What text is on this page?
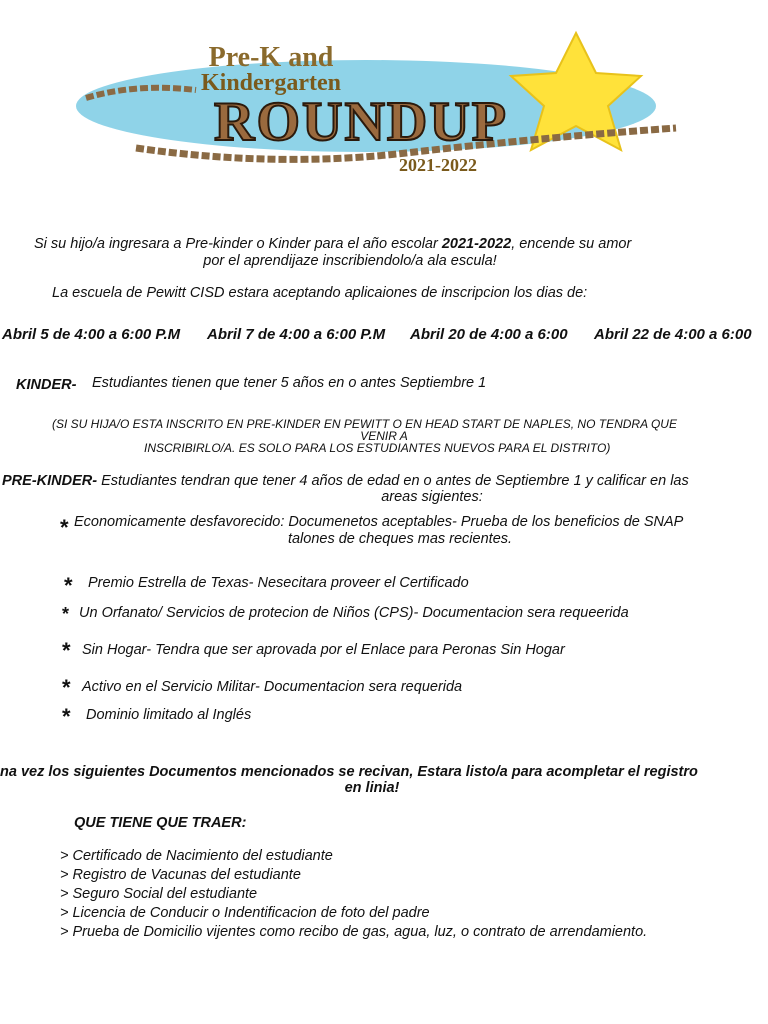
Pre-K and
Kindergarten
ROUNDUP
2021-2022
Si su hijo/a ingresara a Pre-kinder o Kinder para el año escolar 2021-2022, encende su amor
por el aprendijaze inscribiendolo/a ala escula!
La escuela de Pewitt CISD estara aceptando aplicaiones de inscripcion los dias de:
Abril 5 de 4:00 a 6:00 P.M Abril 7 de 4:00 a 6:00 P.M Abril 20 de 4:00 a 6:00 Abril 22 de 4:00 a 6:00
KINDER- Estudiantes tienen que tener 5 años en o antes Septiembre 1
(SI SU HIJA/O ESTA INSCRITO EN PRE-KINDER EN PEWITT O EN HEAD START DE NAPLES, NO TENDRA QUE
VENIR A
INSCRIBIRLO/A. ES SOLO PARA LOS ESTUDIANTES NUEVOS PARA EL DISTRITO)
PRE-KINDER- Estudiantes tendran que tener 4 años de edad en o antes de Septiembre 1 y calificar en las
areas sigientes:
* Economicamente desfavorecido: Documenetos aceptables- Prueba de los beneficios de SNAP
talones de cheques mas recientes.
* Premio Estrella de Texas- Nesecitara proveer el Certificado
* Un Orfanato/ Servicios de protecion de Niños (CPS)- Documentacion sera requeerida
* Sin Hogar- Tendra que ser aprovada por el Enlace para Peronas Sin Hogar
* Activo en el Servicio Militar- Documentacion sera requerida
* Dominio limitado al Inglés
na vez los siguientes Documentos mencionados se recivan, Estara listo/a para acompletar el registro
en linia!
QUE TIENE QUE TRAER:
> Certificado de Nacimiento del estudiante
> Registro de Vacunas del estudiante
> Seguro Social del estudiante
> Licencia de Conducir o Indentificacion de foto del padre
> Prueba de Domicilio vijentes como recibo de gas, agua, luz, o contrato de arrendamiento.
